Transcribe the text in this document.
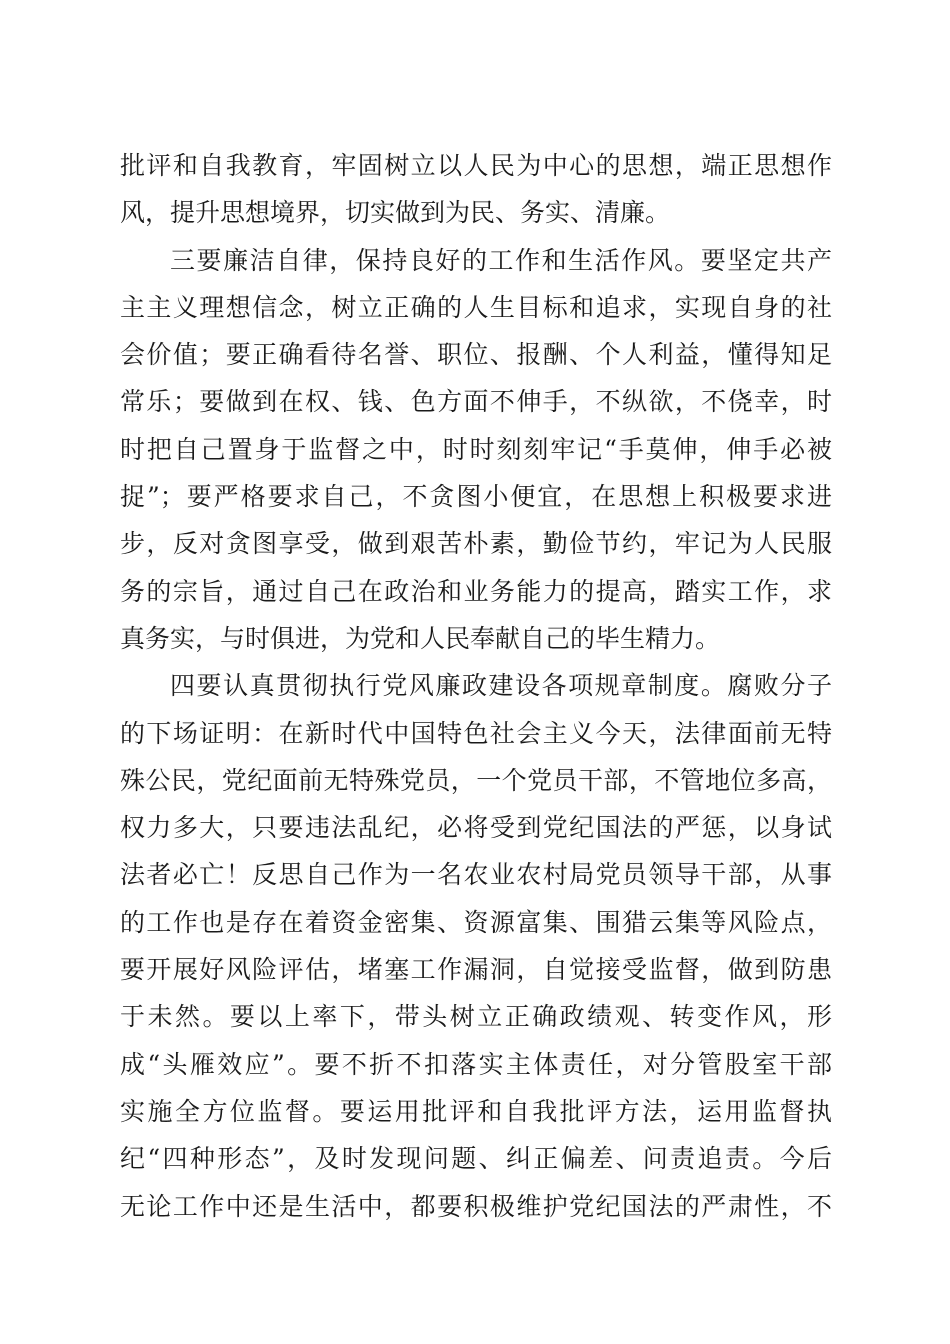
批评和自我教育，牢固树立以人民为中心的思想，端正思想作
风，提升思想境界，切实做到为民、务实、清廉。
三要廉洁自律，保持良好的工作和生活作风。要坚定共产
主主义理想信念，树立正确的人生目标和追求，实现自身的社
会价值；要正确看待名誉、职位、报酬、个人利益，懂得知足
常乐；要做到在权、钱、色方面不伸手，不纵欲，不侥幸，时
时把自己置身于监督之中，时时刻刻牢记“手莫伸，伸手必被
捉”；要严格要求自己，不贪图小便宜，在思想上积极要求进
步，反对贪图享受，做到艰苦朴素，勤俭节约，牢记为人民服
务的宗旨，通过自己在政治和业务能力的提高，踏实工作，求
真务实，与时俱进，为党和人民奉献自己的毕生精力。
四要认真贯彻执行党风廉政建设各项规章制度。腐败分子
的下场证明：在新时代中国特色社会主义今天，法律面前无特
殊公民，党纪面前无特殊党员，一个党员干部，不管地位多高，
权力多大，只要违法乱纪，必将受到党纪国法的严惩，以身试
法者必亡！反思自己作为一名农业农村局党员领导干部，从事
的工作也是存在着资金密集、资源富集、围猎云集等风险点，
要开展好风险评估，堵塞工作漏洞，自觉接受监督，做到防患
于未然。要以上率下，带头树立正确政绩观、转变作风，形
成“头雁效应”。要不折不扣落实主体责任，对分管股室干部
实施全方位监督。要运用批评和自我批评方法，运用监督执
纪“四种形态”，及时发现问题、纠正偏差、问责追责。今后
无论工作中还是生活中，都要积极维护党纪国法的严肃性，不
